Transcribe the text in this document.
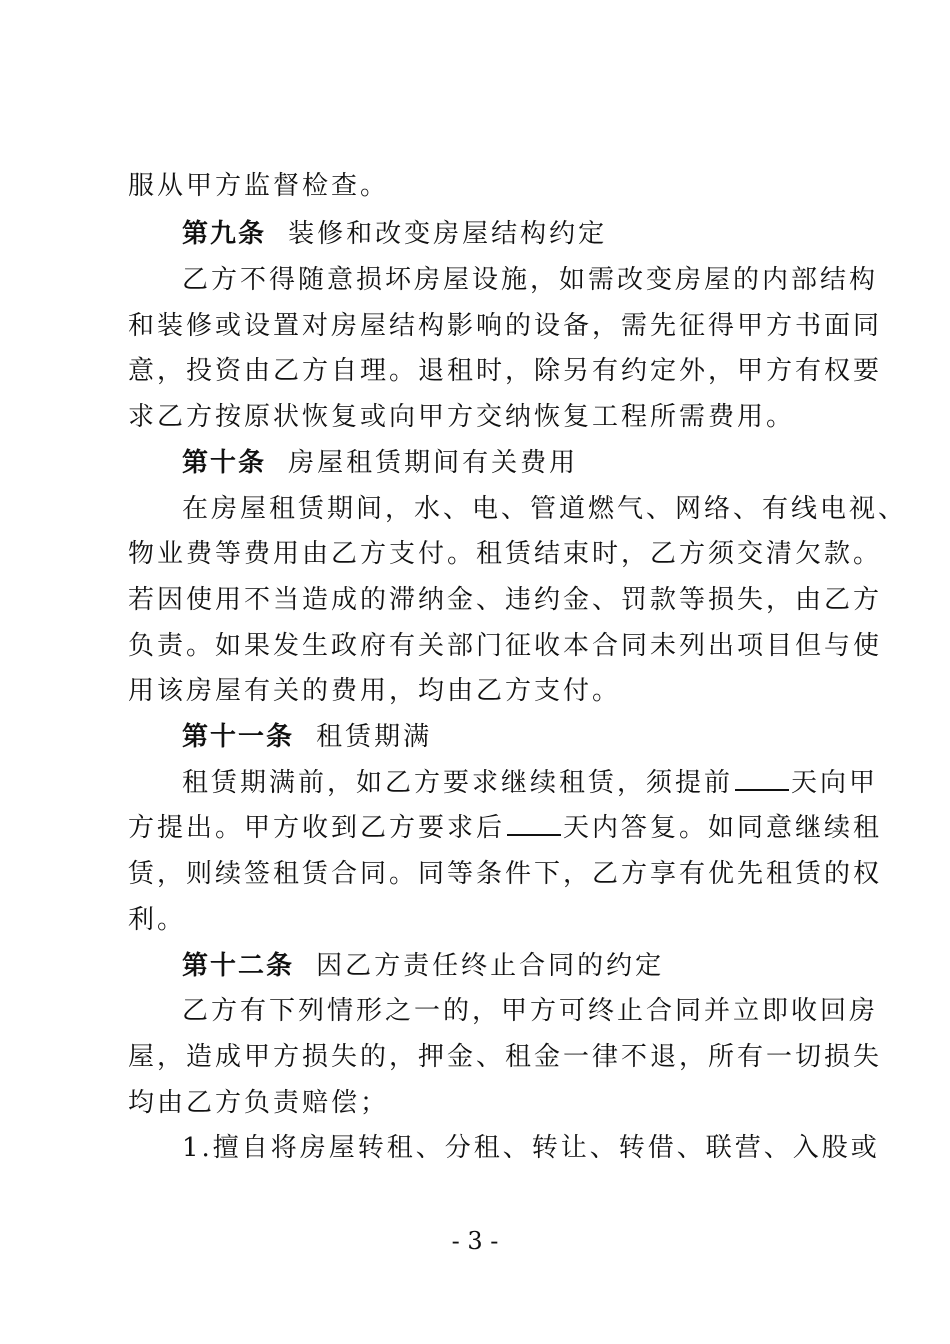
服从甲方监督检查。
第九条 装修和改变房屋结构约定
乙方不得随意损坏房屋设施，如需改变房屋的内部结构
和装修或设置对房屋结构影响的设备，需先征得甲方书面同
意，投资由乙方自理。退租时，除另有约定外，甲方有权要
求乙方按原状恢复或向甲方交纳恢复工程所需费用。
第十条 房屋租赁期间有关费用
在房屋租赁期间，水、电、管道燃气、网络、有线电视、
物业费等费用由乙方支付。租赁结束时，乙方须交清欠款。
若因使用不当造成的滞纳金、违约金、罚款等损失，由乙方
负责。如果发生政府有关部门征收本合同未列出项目但与使
用该房屋有关的费用，均由乙方支付。
第十一条 租赁期满
租赁期满前，如乙方要求继续租赁，须提前 天向甲
方提出。甲方收到乙方要求后 天内答复。如同意继续租
赁，则续签租赁合同。同等条件下，乙方享有优先租赁的权
利。
第十二条 因乙方责任终止合同的约定
乙方有下列情形之一的，甲方可终止合同并立即收回房
屋，造成甲方损失的，押金、租金一律不退，所有一切损失
均由乙方负责赔偿；
1.擅自将房屋转租、分租、转让、转借、联营、入股或
- 3 -
